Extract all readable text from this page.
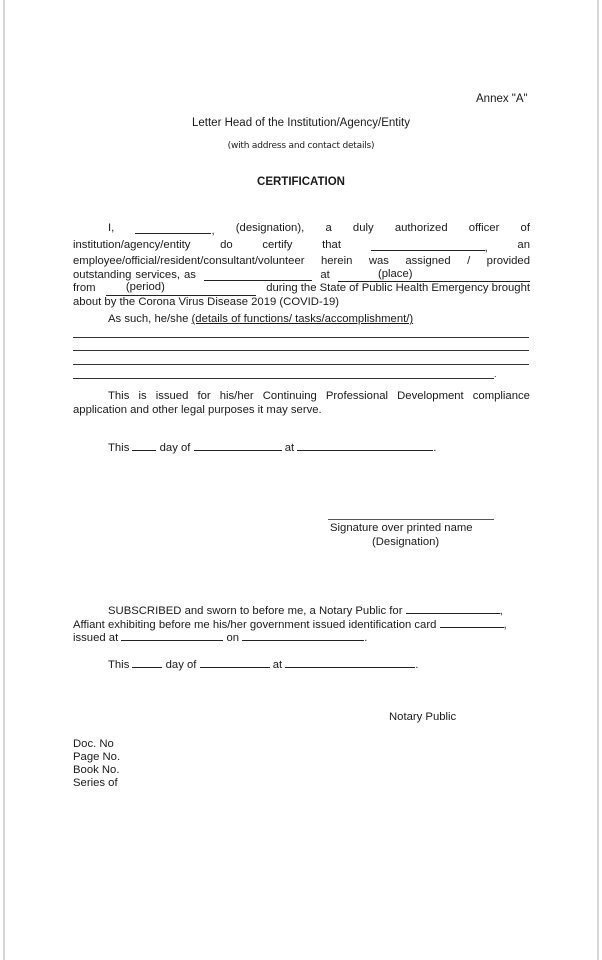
Annex "A"
Letter Head of the Institution/Agency/Entity
(with address and contact details)
CERTIFICATION
I,	, (designation), a duly authorized officer of
institution/agency/entity	do	certify	that	,	an
employee/official/resident/consultant/volunteer herein was assigned / provided
outstanding services, as	at	(place)
from	(period)	during the State of Public Health Emergency brought
about by the Corona Virus Disease 2019 (COVID-19)
As such, he/she (details of functions/ tasks/accomplishment/)
.
This is issued for his/her Continuing Professional Development compliance
application and other legal purposes it may serve.
This	day of	at	.
Signature over printed name
(Designation)
SUBSCRIBED and sworn to before me, a Notary Public for	,
Affiant exhibiting before me his/her government issued identification card	,
issued at	on	.
This	day of	at	.
Notary Public
Doc. No
Page No.
Book No.
Series of
